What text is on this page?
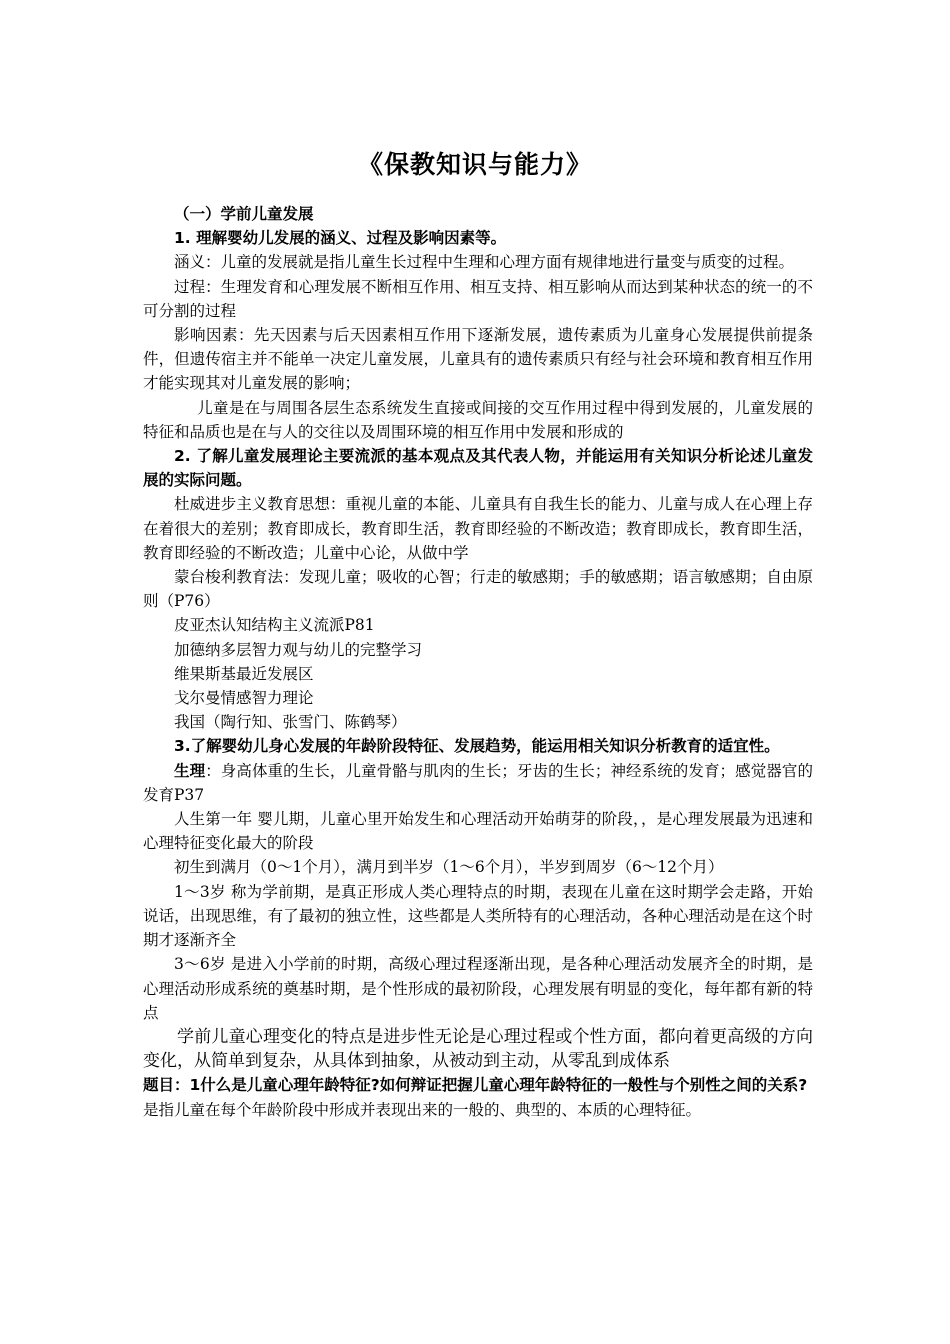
《保教知识与能力》

（一）学前儿童发展

1. 理解婴幼儿发展的涵义、过程及影响因素等。

涵义：儿童的发展就是指儿童生长过程中生理和心理方面有规律地进行量变与质变的过程。

过程：生理发育和心理发展不断相互作用、相互支持、相互影响从而达到某种状态的统一的不可分割的过程

影响因素：先天因素与后天因素相互作用下逐渐发展，遗传素质为儿童身心发展提供前提条件，但遗传宿主并不能单一决定儿童发展，儿童具有的遗传素质只有经与社会环境和教育相互作用才能实现其对儿童发展的影响；

儿童是在与周围各层生态系统发生直接或间接的交互作用过程中得到发展的，儿童发展的特征和品质也是在与人的交往以及周围环境的相互作用中发展和形成的

2. 了解儿童发展理论主要流派的基本观点及其代表人物，并能运用有关知识分析论述儿童发展的实际问题。

杜威进步主义教育思想：重视儿童的本能、儿童具有自我生长的能力、儿童与成人在心理上存在着很大的差别；教育即成长，教育即生活，教育即经验的不断改造；教育即成长，教育即生活，教育即经验的不断改造；儿童中心论，从做中学

蒙台梭利教育法：发现儿童；吸收的心智；行走的敏感期；手的敏感期；语言敏感期；自由原则（P76）

皮亚杰认知结构主义流派P81

加德纳多层智力观与幼儿的完整学习

维果斯基最近发展区

戈尔曼情感智力理论

我国（陶行知、张雪门、陈鹤琴）

3.了解婴幼儿身心发展的年龄阶段特征、发展趋势，能运用相关知识分析教育的适宜性。

生理：身高体重的生长，儿童骨骼与肌肉的生长；牙齿的生长；神经系统的发育；感觉器官的发育P37

人生第一年 婴儿期，儿童心里开始发生和心理活动开始萌芽的阶段，，是心理发展最为迅速和心理特征变化最大的阶段

初生到满月（0～1个月），满月到半岁（1～6个月），半岁到周岁（6～12个月）

1～3岁 称为学前期，是真正形成人类心理特点的时期，表现在儿童在这时期学会走路，开始说话，出现思维，有了最初的独立性，这些都是人类所特有的心理活动，各种心理活动是在这个时期才逐渐齐全

3～6岁 是进入小学前的时期，高级心理过程逐渐出现，是各种心理活动发展齐全的时期，是心理活动形成系统的奠基时期，是个性形成的最初阶段，心理发展有明显的变化，每年都有新的特点

学前儿童心理变化的特点是进步性无论是心理过程或个性方面，都向着更高级的方向变化，从简单到复杂，从具体到抽象，从被动到主动，从零乱到成体系

题目：1什么是儿童心理年龄特征?如何辩证把握儿童心理年龄特征的一般性与个别性之间的关系?

是指儿童在每个年龄阶段中形成并表现出来的一般的、典型的、本质的心理特征。
